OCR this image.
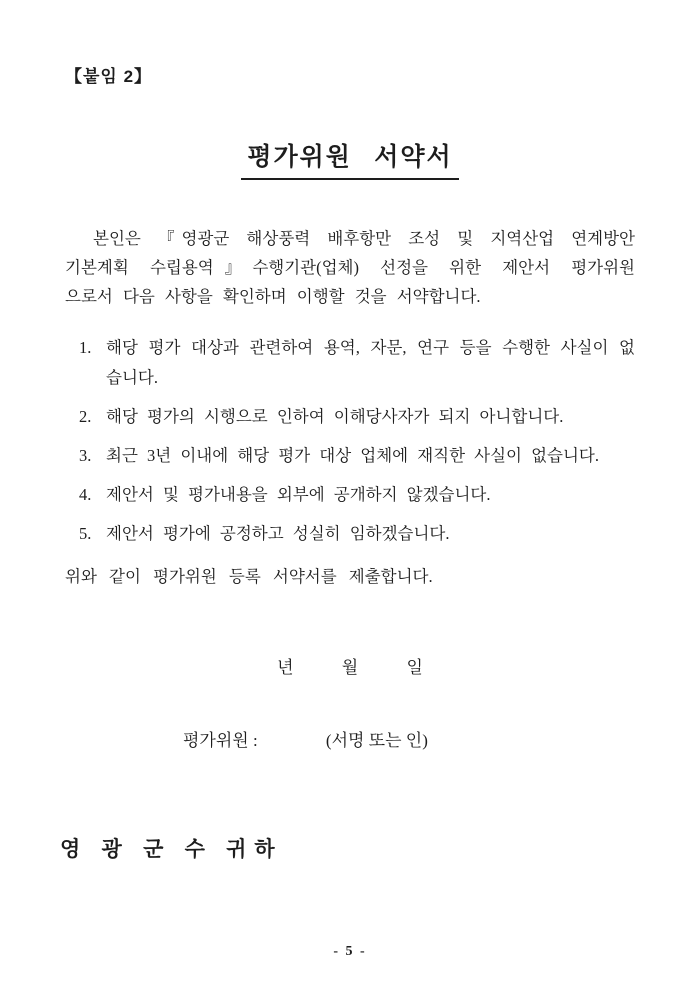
【붙임 2】
평가위원 서약서
본인은 『영광군 해상풍력 배후항만 조성 및 지역산업 연계방안
기본계획 수립용역』수행기관(업체) 선정을 위한 제안서 평가위원
으로서 다음 사항을 확인하며 이행할 것을 서약합니다.
1. 해당 평가 대상과 관련하여 용역, 자문, 연구 등을 수행한 사실이 없습니다.
2. 해당 평가의 시행으로 인하여 이해당사자가 되지 아니합니다.
3. 최근 3년 이내에 해당 평가 대상 업체에 재직한 사실이 없습니다.
4. 제안서 및 평가내용을 외부에 공개하지 않겠습니다.
5. 제안서 평가에 공정하고 성실히 임하겠습니다.
위와 같이 평가위원 등록 서약서를 제출합니다.
년	월	일
평가위원 :	(서명 또는 인)
영 광 군 수 귀하
- 5 -
